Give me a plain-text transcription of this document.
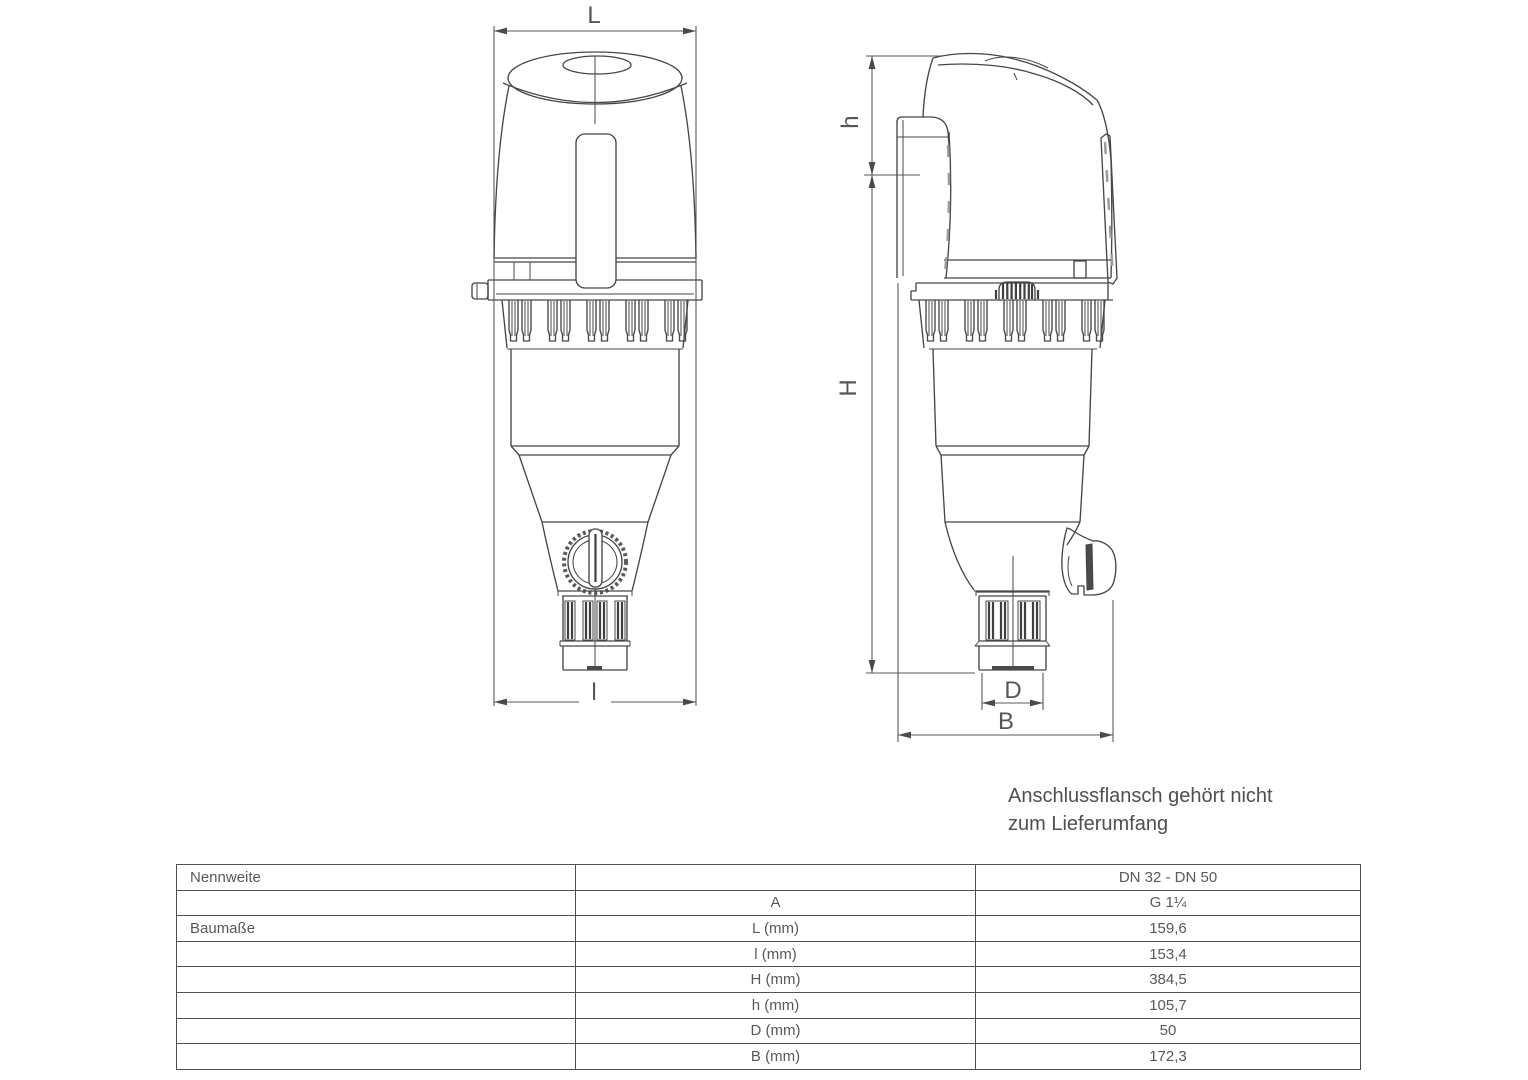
L
l
h
H
D
B
Anschlussflansch gehört nicht
zum Lieferumfang
Nennweite		DN 32 - DN 50
	A	G 1¼
Baumaße	L (mm)	159,6
	l (mm)	153,4
	H (mm)	384,5
	h (mm)	105,7
	D (mm)	50
	B (mm)	172,3
